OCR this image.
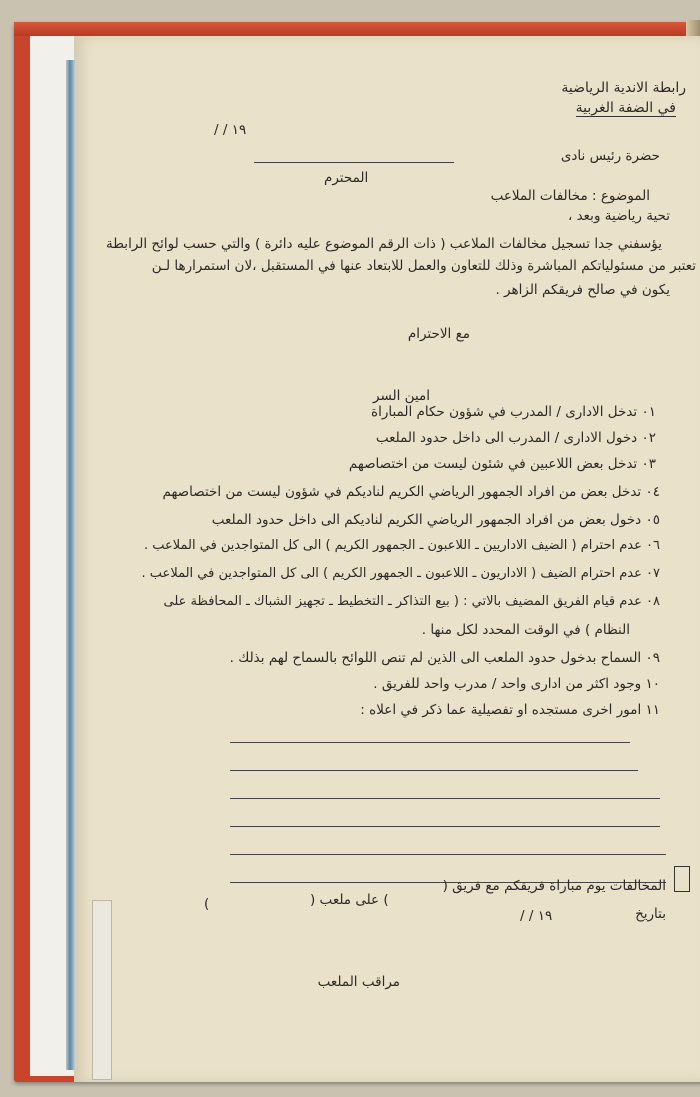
رابطة الاندية الرياضية
في الضفة الغربية
/ / ١٩
حضرة رئيس نادى
المحترم
الموضوع : مخالفات الملاعب
تحية رياضية وبعد ،
يؤسفني جدا تسجيل مخالفات الملاعب ( ذات الرقم الموضوع عليه دائرة ) والتي حسب لوائح الرابطة
تعتبر من مسئولياتكم المباشرة وذلك للتعاون والعمل للابتعاد عنها في المستقبل ،لان استمرارها لـن
يكون في صالح فريقكم الزاهر .
مع الاحترام
امين السر
٠١ تدخل الادارى / المدرب في شؤون حكام المباراة
٠٢ دخول الادارى / المدرب الى داخل حدود الملعب
٠٣ تدخل بعض اللاعبين في شئون ليست من اختصاصهم
٠٤ تدخل بعض من افراد الجمهور الرياضي الكريم لناديكم في شؤون ليست من اختصاصهم
٠٥ دخول بعض من افراد الجمهور الرياضي الكريم لناديكم الى داخل حدود الملعب
٠٦ عدم احترام ( الضيف الاداريين ـ اللاعبون ـ الجمهور الكريم ) الى كل المتواجدين في الملاعب .
٠٧ عدم احترام الضيف ( الاداريون ـ اللاعبون ـ الجمهور الكريم ) الى كل المتواجدين في الملاعب .
٠٨ عدم قيام الفريق المضيف بالاتي : ( بيع التذاكر ـ التخطيط ـ تجهيز الشباك ـ المحافظة على
النظام ) في الوقت المحدد لكل منها .
٠٩ السماح بدخول حدود الملعب الى الذين لم تنص اللوائح بالسماح لهم بذلك .
١٠ وجود اكثر من ادارى واحد / مدرب واحد للفريق .
١١ امور اخرى مستجده او تفصيلية عما ذكر في اعلاه :
المخالفات يوم مباراة فريقكم مع فريق (
) على ملعب (
)
بتاريخ
/ / ١٩
مراقب الملعب
